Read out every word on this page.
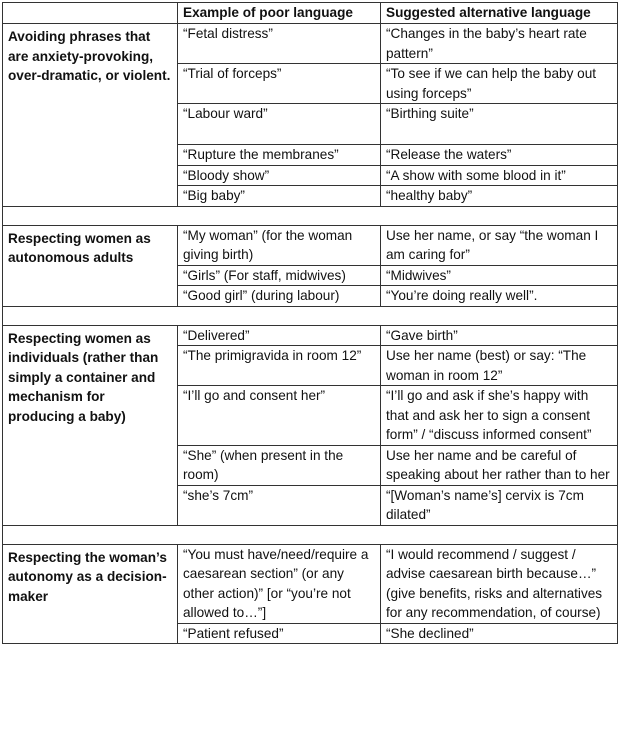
	Example of poor language	Suggested alternative language
Avoiding phrases that are anxiety-provoking, over-dramatic, or violent.	“Fetal distress”	“Changes in the baby’s heart rate pattern”
	“Trial of forceps”	“To see if we can help the baby out using forceps”
	“Labour ward”	“Birthing suite”
	“Rupture the membranes”	“Release the waters”
	“Bloody show”	“A show with some blood in it”
	“Big baby”	“healthy baby”

Respecting women as autonomous adults	“My woman” (for the woman giving birth)	Use her name, or say “the woman I am caring for”
	“Girls” (For staff, midwives)	“Midwives”
	“Good girl” (during labour)	“You’re doing really well”.

Respecting women as individuals (rather than simply a container and mechanism for producing a baby)	“Delivered”	“Gave birth”
	“The primigravida in room 12”	Use her name (best) or say: “The woman in room 12”
	“I’ll go and consent her”	“I’ll go and ask if she’s happy with that and ask her to sign a consent form” / “discuss informed consent”
	“She” (when present in the room)	Use her name and be careful of speaking about her rather than to her
	“she’s 7cm”	“[Woman’s name’s] cervix is 7cm dilated”

Respecting the woman’s autonomy as a decision-maker	“You must have/need/require a caesarean section” (or any other action)” [or “you’re not allowed to…”]	“I would recommend / suggest / advise caesarean birth because…” (give benefits, risks and alternatives for any recommendation, of course)
	“Patient refused”	“She declined”
